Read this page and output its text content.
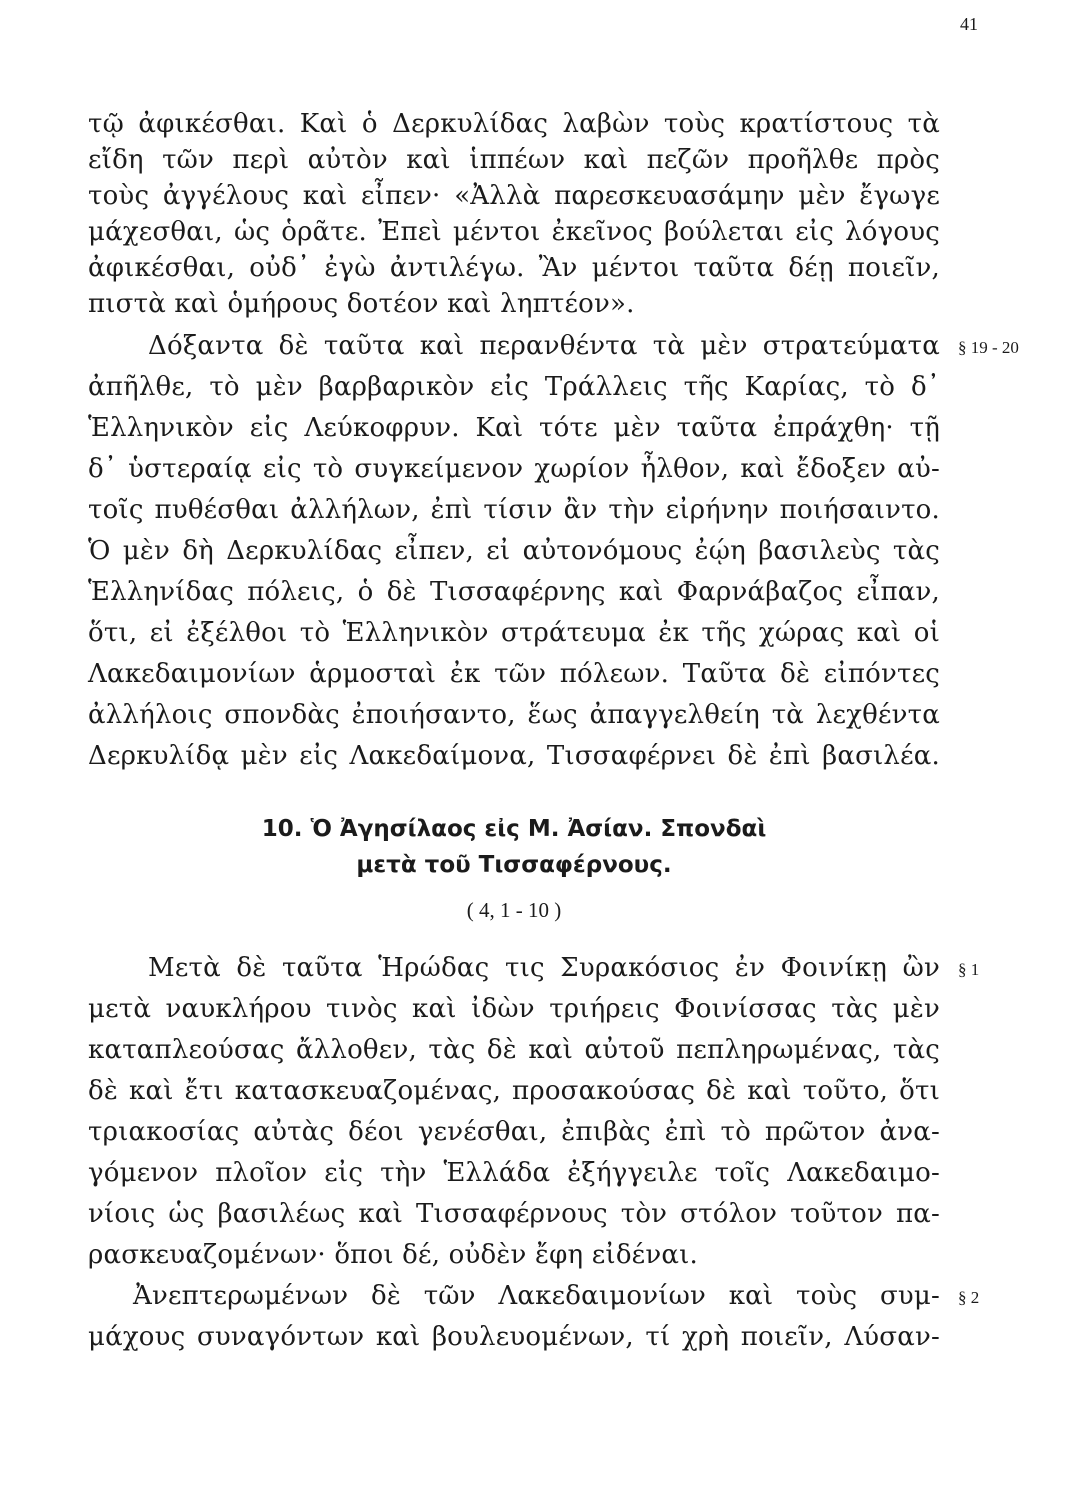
41
τῷ ἀφικέσθαι. Καὶ ὁ Δερκυλίδας λαβὼν τοὺς κρατίστους τὰ
εἴδη τῶν περὶ αὐτὸν καὶ ἱππέων καὶ πεζῶν προῆλθε πρὸς
τοὺς ἀγγέλους καὶ εἶπεν· «Ἀλλὰ παρεσκευασάμην μὲν ἔγωγε
μάχεσθαι, ὡς ὁρᾶτε. Ἐπεὶ μέντοι ἐκεῖνος βούλεται εἰς λόγους
ἀφικέσθαι, οὐδ᾽ ἐγὼ ἀντιλέγω. Ἂν μέντοι ταῦτα δέῃ ποιεῖν,
πιστὰ καὶ ὁμήρους δοτέον καὶ ληπτέον».
Δόξαντα δὲ ταῦτα καὶ περανθέντα τὰ μὲν στρατεύματα § 19 - 20
ἀπῆλθε, τὸ μὲν βαρβαρικὸν εἰς Τράλλεις τῆς Καρίας, τὸ δ᾽
Ἑλληνικὸν εἰς Λεύκοφρυν. Καὶ τότε μὲν ταῦτα ἐπράχθη· τῇ
δ᾽ ὑστεραίᾳ εἰς τὸ συγκείμενον χωρίον ἦλθον, καὶ ἔδοξεν αὐ-
τοῖς πυθέσθαι ἀλλήλων, ἐπὶ τίσιν ἂν τὴν εἰρήνην ποιήσαιντο.
Ὁ μὲν δὴ Δερκυλίδας εἶπεν, εἰ αὐτονόμους ἐῴη βασιλεὺς τὰς
Ἑλληνίδας πόλεις, ὁ δὲ Τισσαφέρνης καὶ Φαρνάβαζος εἶπαν,
ὅτι, εἰ ἐξέλθοι τὸ Ἑλληνικὸν στράτευμα ἐκ τῆς χώρας καὶ οἱ
Λακεδαιμονίων ἁρμοσταὶ ἐκ τῶν πόλεων. Ταῦτα δὲ εἰπόντες
ἀλλήλοις σπονδὰς ἐποιήσαντο, ἕως ἀπαγγελθείη τὰ λεχθέντα
Δερκυλίδᾳ μὲν εἰς Λακεδαίμονα, Τισσαφέρνει δὲ ἐπὶ βασιλέα.
10. Ὁ Ἀγησίλαος εἰς Μ. Ἀσίαν. Σπονδαὶ
μετὰ τοῦ Τισσαφέρνους.
( 4, 1 - 10 )
Μετὰ δὲ ταῦτα Ἡρώδας τις Συρακόσιος ἐν Φοινίκῃ ὢν § 1
μετὰ ναυκλήρου τινὸς καὶ ἰδὼν τριήρεις Φοινίσσας τὰς μὲν
καταπλεούσας ἄλλοθεν, τὰς δὲ καὶ αὐτοῦ πεπληρωμένας, τὰς
δὲ καὶ ἔτι κατασκευαζομένας, προσακούσας δὲ καὶ τοῦτο, ὅτι
τριακοσίας αὐτὰς δέοι γενέσθαι, ἐπιβὰς ἐπὶ τὸ πρῶτον ἀνα-
γόμενον πλοῖον εἰς τὴν Ἑλλάδα ἐξήγγειλε τοῖς Λακεδαιμο-
νίοις ὡς βασιλέως καὶ Τισσαφέρνους τὸν στόλον τοῦτον πα-
ρασκευαζομένων· ὅποι δέ, οὐδὲν ἔφη εἰδέναι.
Ἀνεπτερωμένων δὲ τῶν Λακεδαιμονίων καὶ τοὺς συμ- § 2
μάχους συναγόντων καὶ βουλευομένων, τί χρὴ ποιεῖν, Λύσαν-
